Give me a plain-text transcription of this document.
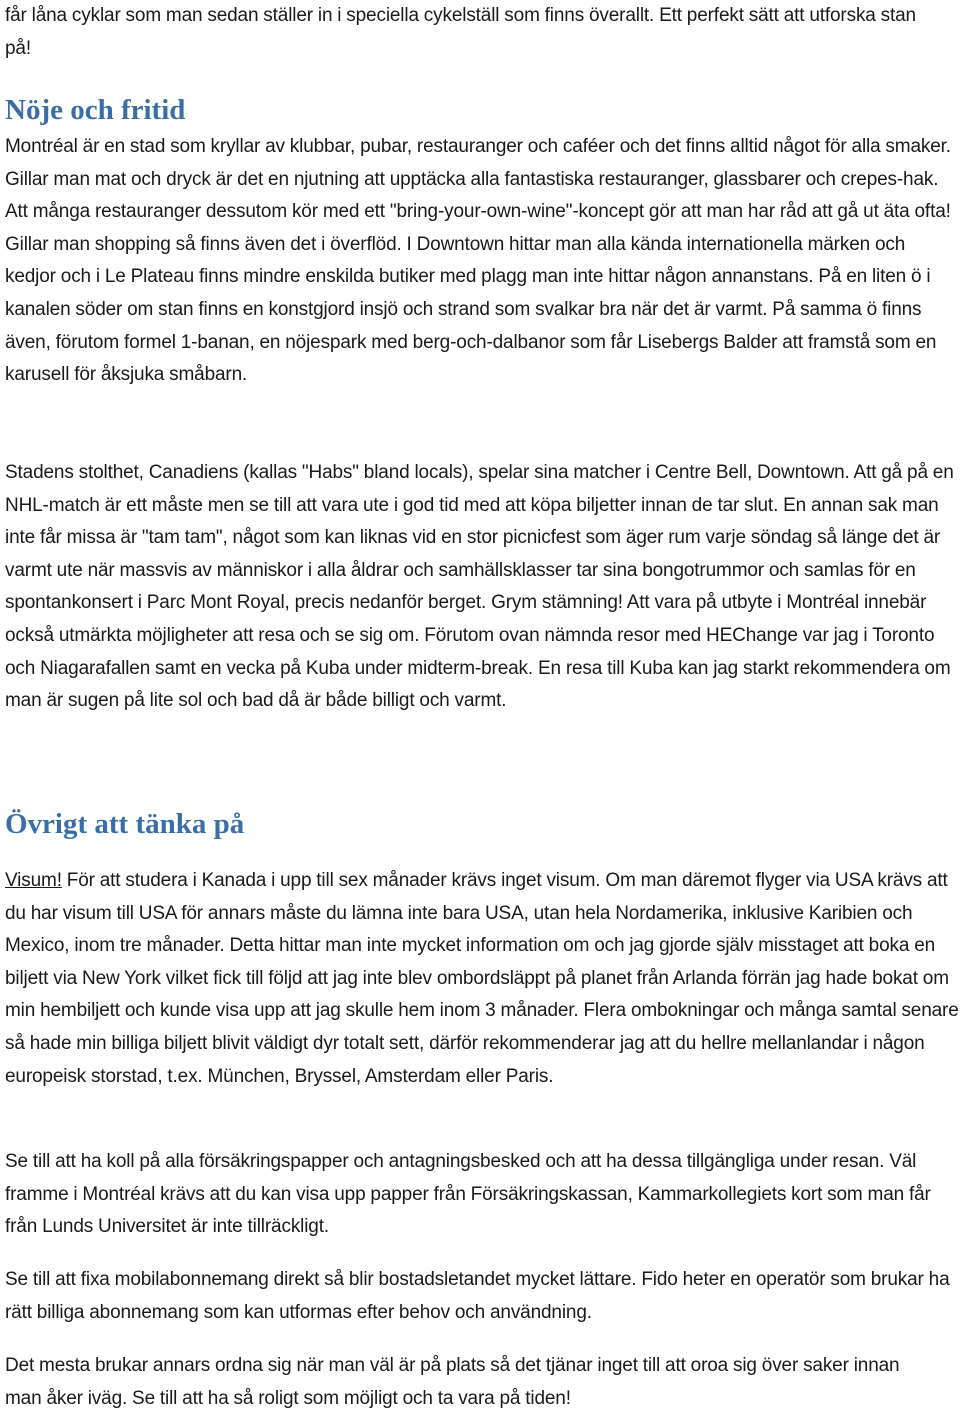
får låna cyklar som man sedan ställer in i speciella cykelställ som finns överallt. Ett perfekt sätt att utforska stan på!

Nöje och fritid

Montréal är en stad som kryllar av klubbar, pubar, restauranger och caféer och det finns alltid något för alla smaker. Gillar man mat och dryck är det en njutning att upptäcka alla fantastiska restauranger, glassbarer och crepes-hak. Att många restauranger dessutom kör med ett "bring-your-own-wine"-koncept gör att man har råd att gå ut äta ofta! Gillar man shopping så finns även det i överflöd. I Downtown hittar man alla kända internationella märken och kedjor och i Le Plateau finns mindre enskilda butiker med plagg man inte hittar någon annanstans. På en liten ö i kanalen söder om stan finns en konstgjord insjö och strand som svalkar bra när det är varmt. På samma ö finns även, förutom formel 1-banan, en nöjespark med berg-och-dalbanor som får Lisebergs Balder att framstå som en karusell för åksjuka småbarn.

Stadens stolthet, Canadiens (kallas "Habs" bland locals), spelar sina matcher i Centre Bell, Downtown. Att gå på en NHL-match är ett måste men se till att vara ute i god tid med att köpa biljetter innan de tar slut. En annan sak man inte får missa är "tam tam", något som kan liknas vid en stor picnicfest som äger rum varje söndag så länge det är varmt ute när massvis av människor i alla åldrar och samhällsklasser tar sina bongotrummor och samlas för en spontankonsert i Parc Mont Royal, precis nedanför berget. Grym stämning! Att vara på utbyte i Montréal innebär också utmärkta möjligheter att resa och se sig om. Förutom ovan nämnda resor med HEChange var jag i Toronto och Niagarafallen samt en vecka på Kuba under midterm-break. En resa till Kuba kan jag starkt rekommendera om man är sugen på lite sol och bad då är både billigt och varmt.

Övrigt att tänka på

Visum! För att studera i Kanada i upp till sex månader krävs inget visum. Om man däremot flyger via USA krävs att du har visum till USA för annars måste du lämna inte bara USA, utan hela Nordamerika, inklusive Karibien och Mexico, inom tre månader. Detta hittar man inte mycket information om och jag gjorde själv misstaget att boka en biljett via New York vilket fick till följd att jag inte blev ombordsläppt på planet från Arlanda förrän jag hade bokat om min hembiljett och kunde visa upp att jag skulle hem inom 3 månader. Flera ombokningar och många samtal senare så hade min billiga biljett blivit väldigt dyr totalt sett, därför rekommenderar jag att du hellre mellanlandar i någon europeisk storstad, t.ex. München, Bryssel, Amsterdam eller Paris.

Se till att ha koll på alla försäkringspapper och antagningsbesked och att ha dessa tillgängliga under resan. Väl framme i Montréal krävs att du kan visa upp papper från Försäkringskassan, Kammarkollegiets kort som man får från Lunds Universitet är inte tillräckligt.

Se till att fixa mobilabonnemang direkt så blir bostadsletandet mycket lättare. Fido heter en operatör som brukar ha rätt billiga abonnemang som kan utformas efter behov och användning.

Det mesta brukar annars ordna sig när man väl är på plats så det tjänar inget till att oroa sig över saker innan man åker iväg. Se till att ha så roligt som möjligt och ta vara på tiden!
